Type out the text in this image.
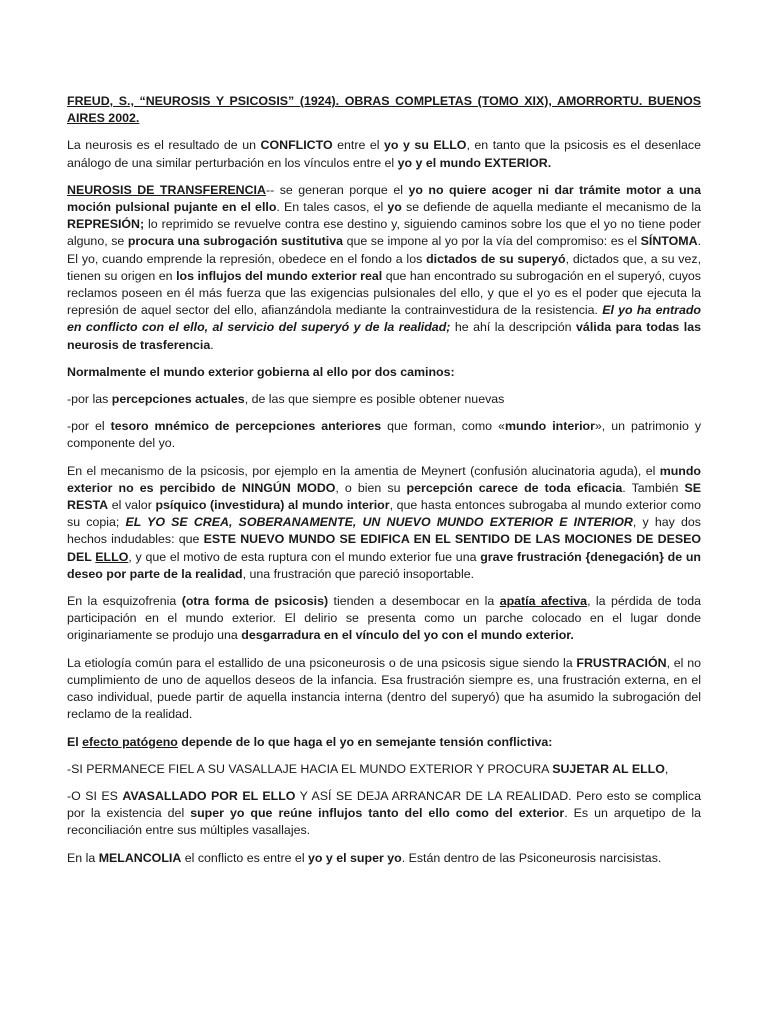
FREUD, S., “NEUROSIS Y PSICOSIS” (1924). OBRAS COMPLETAS (TOMO XIX), AMORRORTU. BUENOS AIRES 2002.

La neurosis es el resultado de un CONFLICTO entre el yo y su ELLO, en tanto que la psicosis es el desenlace análogo de una similar perturbación en los vínculos entre el yo y el mundo EXTERIOR.

NEUROSIS DE TRANSFERENCIA-- se generan porque el yo no quiere acoger ni dar trámite motor a una moción pulsional pujante en el ello. En tales casos, el yo se defiende de aquella mediante el mecanismo de la REPRESIÓN; lo reprimido se revuelve contra ese destino y, siguiendo caminos sobre los que el yo no tiene poder alguno, se procura una subrogación sustitutiva que se impone al yo por la vía del compromiso: es el SÍNTOMA. El yo, cuando emprende la represión, obedece en el fondo a los dictados de su superyó, dictados que, a su vez, tienen su origen en los influjos del mundo exterior real que han encontrado su subrogación en el superyó, cuyos reclamos poseen en él más fuerza que las exigencias pulsionales del ello, y que el yo es el poder que ejecuta la represión de aquel sector del ello, afianzándola mediante la contrainvestidura de la resistencia. El yo ha entrado en conflicto con el ello, al servicio del superyó y de la realidad; he ahí la descripción válida para todas las neurosis de trasferencia.

Normalmente el mundo exterior gobierna al ello por dos caminos:

-por las percepciones actuales, de las que siempre es posible obtener nuevas

-por el tesoro mnémico de percepciones anteriores que forman, como «mundo interior», un patrimonio y componente del yo.

En el mecanismo de la psicosis, por ejemplo en la amentia de Meynert (confusión alucinatoria aguda), el mundo exterior no es percibido de NINGÚN MODO, o bien su percepción carece de toda eficacia. También SE RESTA el valor psíquico (investidura) al mundo interior, que hasta entonces subrogaba al mundo exterior como su copia; EL YO SE CREA, SOBERANAMENTE, UN NUEVO MUNDO EXTERIOR E INTERIOR, y hay dos hechos indudables: que ESTE NUEVO MUNDO SE EDIFICA EN EL SENTIDO DE LAS MOCIONES DE DESEO DEL ELLO, y que el motivo de esta ruptura con el mundo exterior fue una grave frustración {denegación} de un deseo por parte de la realidad, una frustración que pareció insoportable.

En la esquizofrenia (otra forma de psicosis) tienden a desembocar en la apatía afectiva, la pérdida de toda participación en el mundo exterior. El delirio se presenta como un parche colocado en el lugar donde originariamente se produjo una desgarradura en el vínculo del yo con el mundo exterior.

La etiología común para el estallido de una psiconeurosis o de una psicosis sigue siendo la FRUSTRACIÓN, el no cumplimiento de uno de aquellos deseos de la infancia. Esa frustración siempre es, una frustración externa, en el caso individual, puede partir de aquella instancia interna (dentro del superyó) que ha asumido la subrogación del reclamo de la realidad.

El efecto patógeno depende de lo que haga el yo en semejante tensión conflictiva:

-SI PERMANECE FIEL A SU VASALLAJE HACIA EL MUNDO EXTERIOR Y PROCURA SUJETAR AL ELLO,

-O SI ES AVASALLADO POR EL ELLO Y ASÍ SE DEJA ARRANCAR DE LA REALIDAD. Pero esto se complica por la existencia del super yo que reúne influjos tanto del ello como del exterior. Es un arquetipo de la reconciliación entre sus múltiples vasallajes.

En la MELANCOLIA el conflicto es entre el yo y el super yo. Están dentro de las Psiconeurosis narcisistas.
